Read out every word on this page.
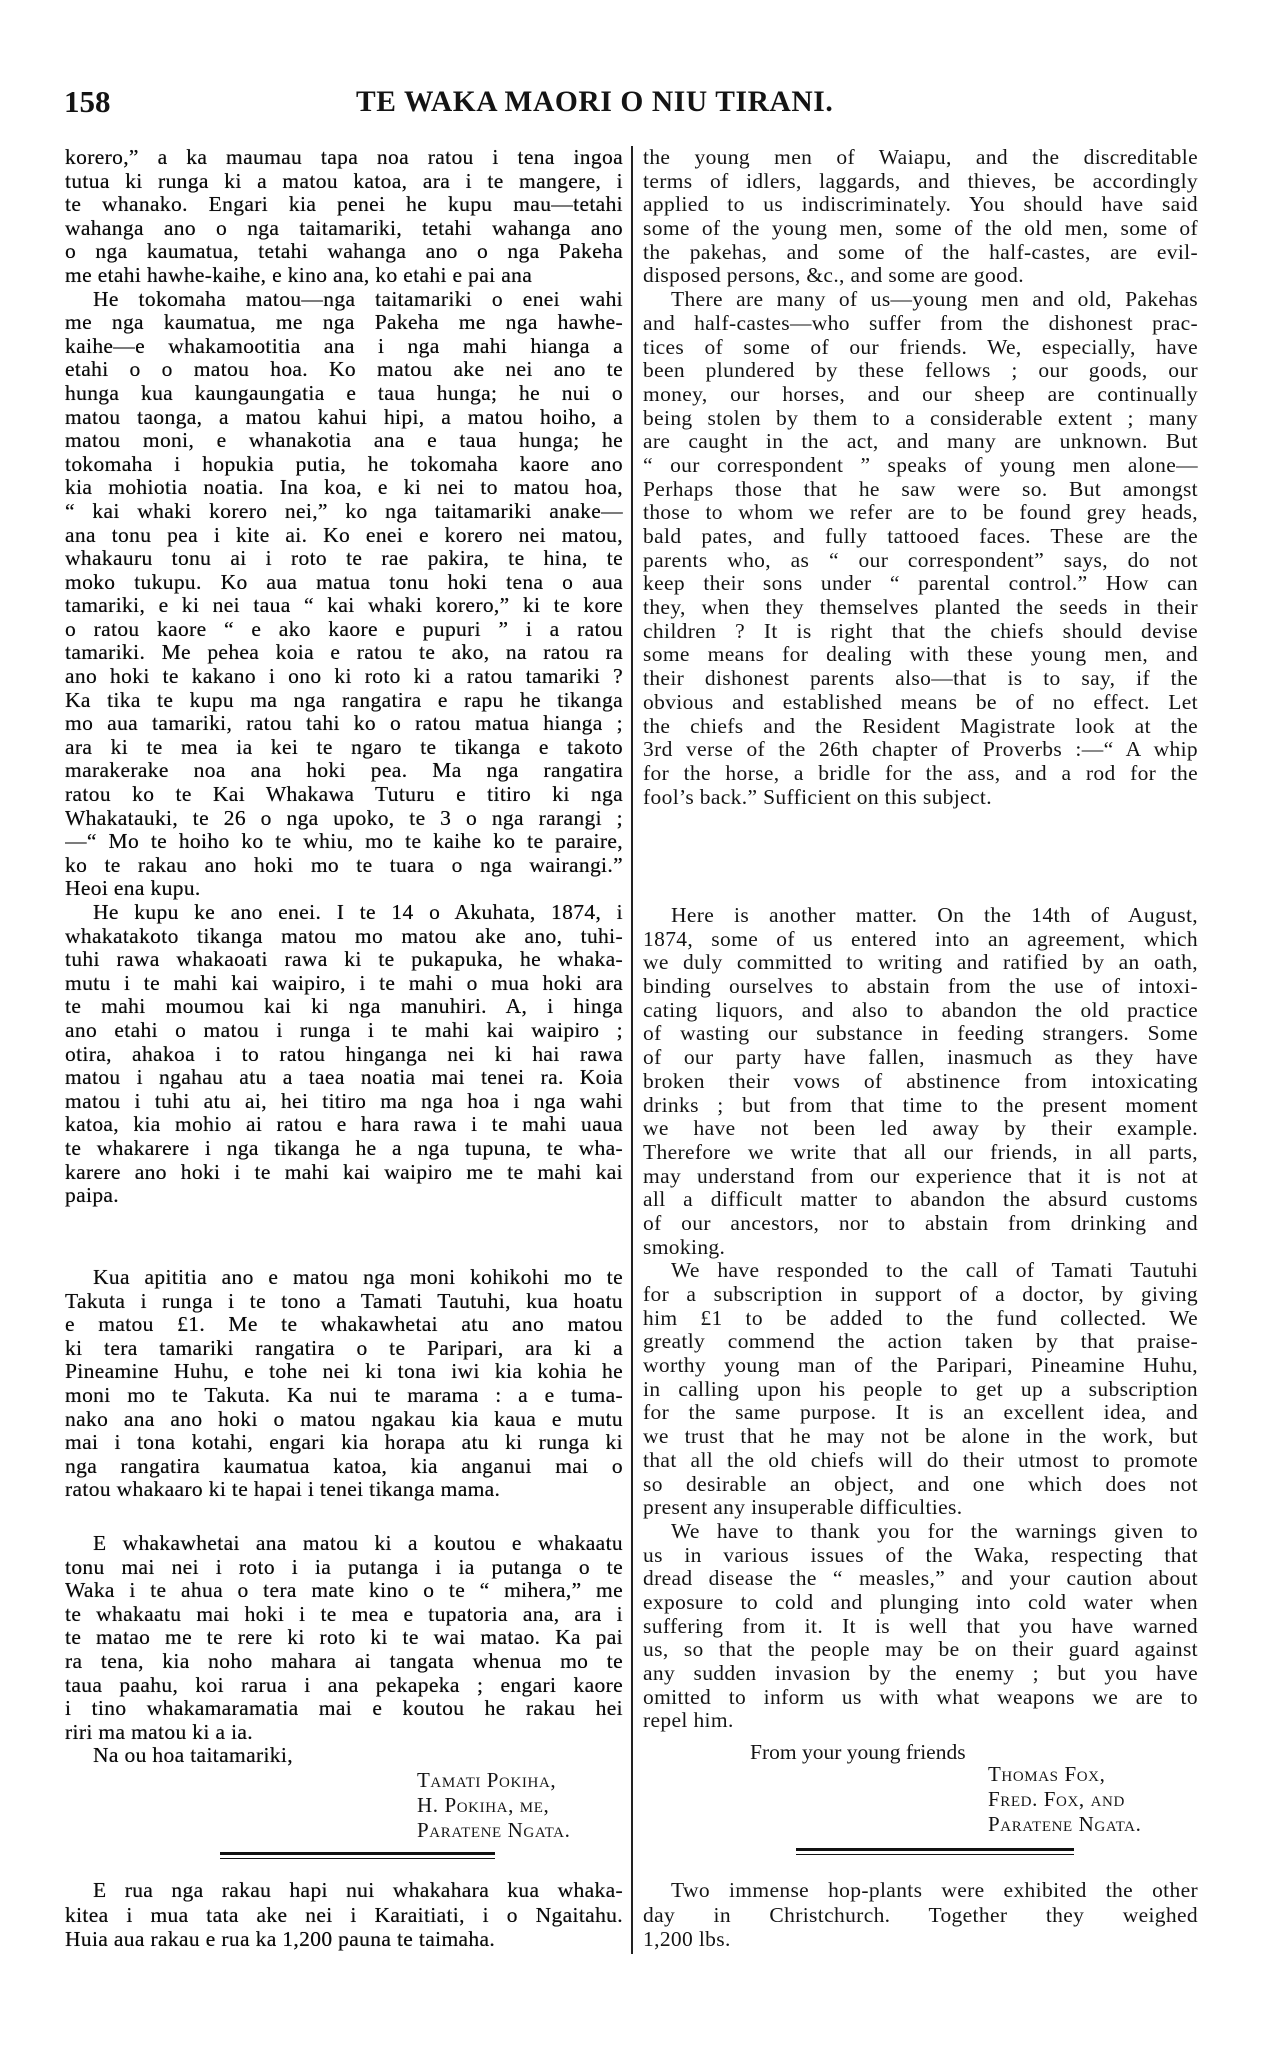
158	TE WAKA MAORI O NIU TIRANI.
korero,” a ka maumau tapa noa ratou i tena ingoa
tutua ki runga ki a matou katoa, ara i te mangere, i
te whanako. Engari kia penei he kupu mau—tetahi
wahanga ano o nga taitamariki, tetahi wahanga ano
o nga kaumatua, tetahi wahanga ano o nga Pakeha
me etahi hawhe-kaihe, e kino ana, ko etahi e pai ana
He tokomaha matou—nga taitamariki o enei wahi
me nga kaumatua, me nga Pakeha me nga hawhe-
kaihe—e whakamootitia ana i nga mahi hianga a
etahi o o matou hoa. Ko matou ake nei ano te
hunga kua kaungaungatia e taua hunga; he nui o
matou taonga, a matou kahui hipi, a matou hoiho, a
matou moni, e whanakotia ana e taua hunga; he
tokomaha i hopukia putia, he tokomaha kaore ano
kia mohiotia noatia. Ina koa, e ki nei to matou hoa,
“ kai whaki korero nei,” ko nga taitamariki anake—
ana tonu pea i kite ai. Ko enei e korero nei matou,
whakauru tonu ai i roto te rae pakira, te hina, te
moko tukupu. Ko aua matua tonu hoki tena o aua
tamariki, e ki nei taua “ kai whaki korero,” ki te kore
o ratou kaore “ e ako kaore e pupuri ” i a ratou
tamariki. Me pehea koia e ratou te ako, na ratou ra
ano hoki te kakano i ono ki roto ki a ratou tamariki ?
Ka tika te kupu ma nga rangatira e rapu he tikanga
mo aua tamariki, ratou tahi ko o ratou matua hianga ;
ara ki te mea ia kei te ngaro te tikanga e takoto
marakerake noa ana hoki pea. Ma nga rangatira
ratou ko te Kai Whakawa Tuturu e titiro ki nga
Whakatauki, te 26 o nga upoko, te 3 o nga rarangi ;
—“ Mo te hoiho ko te whiu, mo te kaihe ko te paraire,
ko te rakau ano hoki mo te tuara o nga wairangi.”
Heoi ena kupu.
He kupu ke ano enei. I te 14 o Akuhata, 1874, i
whakatakoto tikanga matou mo matou ake ano, tuhi-
tuhi rawa whakaoati rawa ki te pukapuka, he whaka-
mutu i te mahi kai waipiro, i te mahi o mua hoki ara
te mahi moumou kai ki nga manuhiri. A, i hinga
ano etahi o matou i runga i te mahi kai waipiro ;
otira, ahakoa i to ratou hinganga nei ki hai rawa
matou i ngahau atu a taea noatia mai tenei ra. Koia
matou i tuhi atu ai, hei titiro ma nga hoa i nga wahi
katoa, kia mohio ai ratou e hara rawa i te mahi uaua
te whakarere i nga tikanga he a nga tupuna, te wha-
karere ano hoki i te mahi kai waipiro me te mahi kai
paipa.
Kua apititia ano e matou nga moni kohikohi mo te
Takuta i runga i te tono a Tamati Tautuhi, kua hoatu
e matou £1. Me te whakawhetai atu ano matou
ki tera tamariki rangatira o te Paripari, ara ki a
Pineamine Huhu, e tohe nei ki tona iwi kia kohia he
moni mo te Takuta. Ka nui te marama : a e tuma-
nako ana ano hoki o matou ngakau kia kaua e mutu
mai i tona kotahi, engari kia horapa atu ki runga ki
nga rangatira kaumatua katoa, kia anganui mai o
ratou whakaaro ki te hapai i tenei tikanga mama.
E whakawhetai ana matou ki a koutou e whakaatu
tonu mai nei i roto i ia putanga i ia putanga o te
Waka i te ahua o tera mate kino o te “ mihera,” me
te whakaatu mai hoki i te mea e tupatoria ana, ara i
te matao me te rere ki roto ki te wai matao. Ka pai
ra tena, kia noho mahara ai tangata whenua mo te
taua paahu, koi rarua i ana pekapeka ; engari kaore
i tino whakamaramatia mai e koutou he rakau hei
riri ma matou ki a ia.
Na ou hoa taitamariki,
Tamati Pokiha,
H. Pokiha, me,
Paratene Ngata.
E rua nga rakau hapi nui whakahara kua whaka-
kitea i mua tata ake nei i Karaitiati, i o Ngaitahu.
Huia aua rakau e rua ka 1,200 pauna te taimaha.
the young men of Waiapu, and the discreditable
terms of idlers, laggards, and thieves, be accordingly
applied to us indiscriminately. You should have said
some of the young men, some of the old men, some of
the pakehas, and some of the half-castes, are evil-
disposed persons, &c., and some are good.
There are many of us—young men and old, Pakehas
and half-castes—who suffer from the dishonest prac-
tices of some of our friends. We, especially, have
been plundered by these fellows ; our goods, our
money, our horses, and our sheep are continually
being stolen by them to a considerable extent ; many
are caught in the act, and many are unknown. But
“ our correspondent ” speaks of young men alone—
Perhaps those that he saw were so. But amongst
those to whom we refer are to be found grey heads,
bald pates, and fully tattooed faces. These are the
parents who, as “ our correspondent” says, do not
keep their sons under “ parental control.” How can
they, when they themselves planted the seeds in their
children ? It is right that the chiefs should devise
some means for dealing with these young men, and
their dishonest parents also—that is to say, if the
obvious and established means be of no effect. Let
the chiefs and the Resident Magistrate look at the
3rd verse of the 26th chapter of Proverbs :—“ A whip
for the horse, a bridle for the ass, and a rod for the
fool’s back.” Sufficient on this subject.
Here is another matter. On the 14th of August,
1874, some of us entered into an agreement, which
we duly committed to writing and ratified by an oath,
binding ourselves to abstain from the use of intoxi-
cating liquors, and also to abandon the old practice
of wasting our substance in feeding strangers. Some
of our party have fallen, inasmuch as they have
broken their vows of abstinence from intoxicating
drinks ; but from that time to the present moment
we have not been led away by their example.
Therefore we write that all our friends, in all parts,
may understand from our experience that it is not at
all a difficult matter to abandon the absurd customs
of our ancestors, nor to abstain from drinking and
smoking.
We have responded to the call of Tamati Tautuhi
for a subscription in support of a doctor, by giving
him £1 to be added to the fund collected. We
greatly commend the action taken by that praise-
worthy young man of the Paripari, Pineamine Huhu,
in calling upon his people to get up a subscription
for the same purpose. It is an excellent idea, and
we trust that he may not be alone in the work, but
that all the old chiefs will do their utmost to promote
so desirable an object, and one which does not
present any insuperable difficulties.
We have to thank you for the warnings given to
us in various issues of the Waka, respecting that
dread disease the “ measles,” and your caution about
exposure to cold and plunging into cold water when
suffering from it. It is well that you have warned
us, so that the people may be on their guard against
any sudden invasion by the enemy ; but you have
omitted to inform us with what weapons we are to
repel him.
From your young friends
Thomas Fox,
Fred. Fox, and
Paratene Ngata.
Two immense hop-plants were exhibited the other
day in Christchurch. Together they weighed
1,200 lbs.
